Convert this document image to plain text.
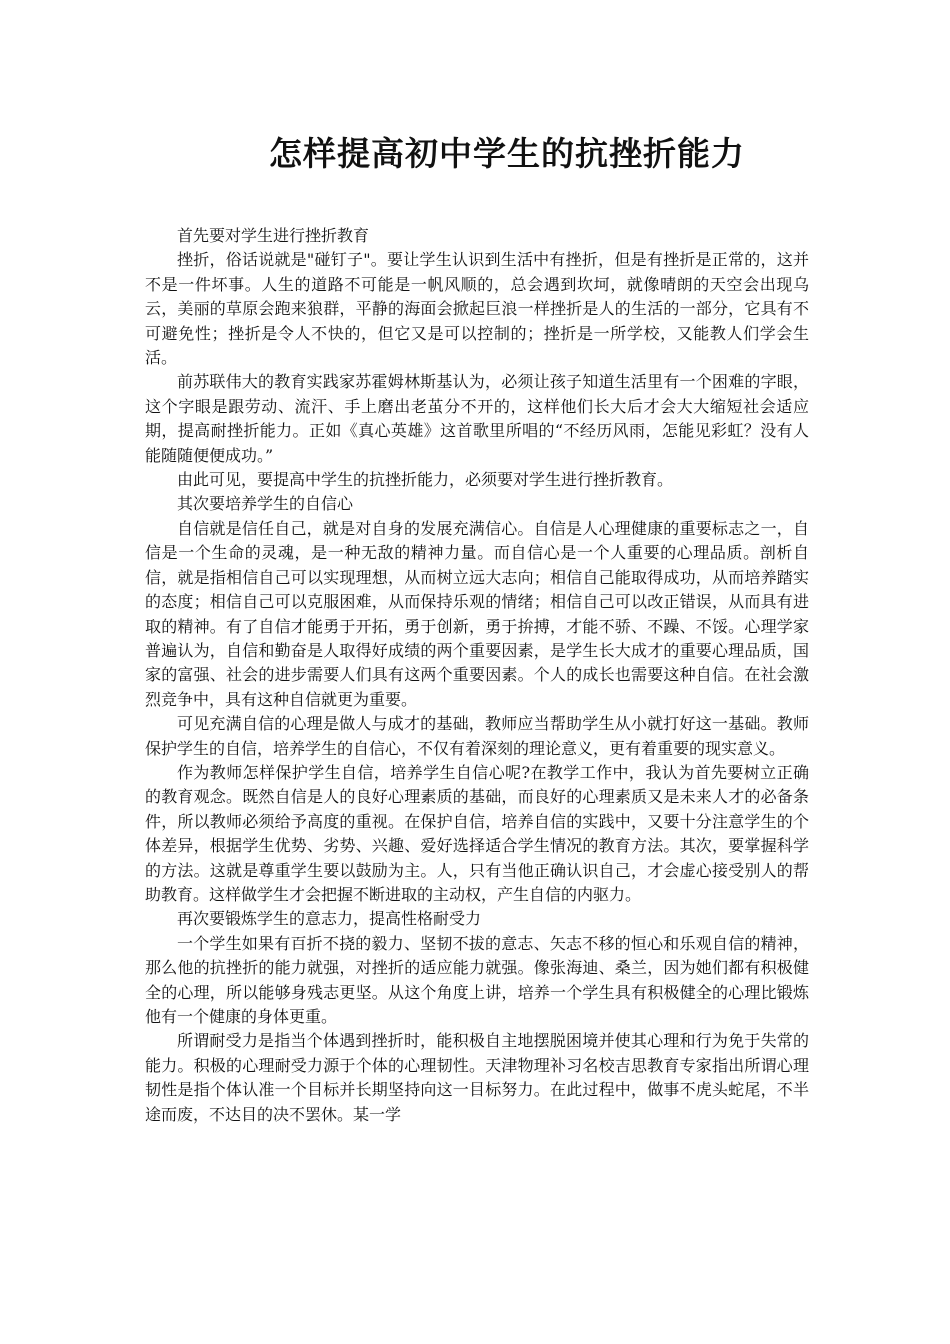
怎样提高初中学生的抗挫折能力

首先要对学生进行挫折教育

挫折，俗话说就是"碰钉子"。要让学生认识到生活中有挫折，但是有挫折是正常的，这并不是一件坏事。人生的道路不可能是一帆风顺的，总会遇到坎坷，就像晴朗的天空会出现乌云，美丽的草原会跑来狼群，平静的海面会掀起巨浪一样挫折是人的生活的一部分，它具有不可避免性；挫折是令人不快的，但它又是可以控制的；挫折是一所学校，又能教人们学会生活。

前苏联伟大的教育实践家苏霍姆林斯基认为，必须让孩子知道生活里有一个困难的字眼，这个字眼是跟劳动、流汗、手上磨出老茧分不开的，这样他们长大后才会大大缩短社会适应期，提高耐挫折能力。正如《真心英雄》这首歌里所唱的“不经历风雨，怎能见彩虹？没有人能随随便便成功。”

由此可见，要提高中学生的抗挫折能力，必须要对学生进行挫折教育。

其次要培养学生的自信心

自信就是信任自己，就是对自身的发展充满信心。自信是人心理健康的重要标志之一，自信是一个生命的灵魂，是一种无敌的精神力量。而自信心是一个人重要的心理品质。剖析自信，就是指相信自己可以实现理想，从而树立远大志向；相信自己能取得成功，从而培养踏实的态度；相信自己可以克服困难，从而保持乐观的情绪；相信自己可以改正错误，从而具有进取的精神。有了自信才能勇于开拓，勇于创新，勇于拚搏，才能不骄、不躁、不馁。心理学家普遍认为，自信和勤奋是人取得好成绩的两个重要因素，是学生长大成才的重要心理品质，国家的富强、社会的进步需要人们具有这两个重要因素。个人的成长也需要这种自信。在社会激烈竞争中，具有这种自信就更为重要。

可见充满自信的心理是做人与成才的基础，教师应当帮助学生从小就打好这一基础。教师保护学生的自信，培养学生的自信心，不仅有着深刻的理论意义，更有着重要的现实意义。

作为教师怎样保护学生自信，培养学生自信心呢?在教学工作中，我认为首先要树立正确的教育观念。既然自信是人的良好心理素质的基础，而良好的心理素质又是未来人才的必备条件，所以教师必须给予高度的重视。在保护自信，培养自信的实践中，又要十分注意学生的个体差异，根据学生优势、劣势、兴趣、爱好选择适合学生情况的教育方法。其次，要掌握科学的方法。这就是尊重学生要以鼓励为主。人，只有当他正确认识自己，才会虚心接受别人的帮助教育。这样做学生才会把握不断进取的主动权，产生自信的内驱力。

再次要锻炼学生的意志力，提高性格耐受力

一个学生如果有百折不挠的毅力、坚韧不拔的意志、矢志不移的恒心和乐观自信的精神，那么他的抗挫折的能力就强，对挫折的适应能力就强。像张海迪、桑兰，因为她们都有积极健全的心理，所以能够身残志更坚。从这个角度上讲，培养一个学生具有积极健全的心理比锻炼他有一个健康的身体更重。

所谓耐受力是指当个体遇到挫折时，能积极自主地摆脱困境并使其心理和行为免于失常的能力。积极的心理耐受力源于个体的心理韧性。天津物理补习名校吉思教育专家指出所谓心理韧性是指个体认准一个目标并长期坚持向这一目标努力。在此过程中，做事不虎头蛇尾，不半途而废，不达目的决不罢休。某一学
